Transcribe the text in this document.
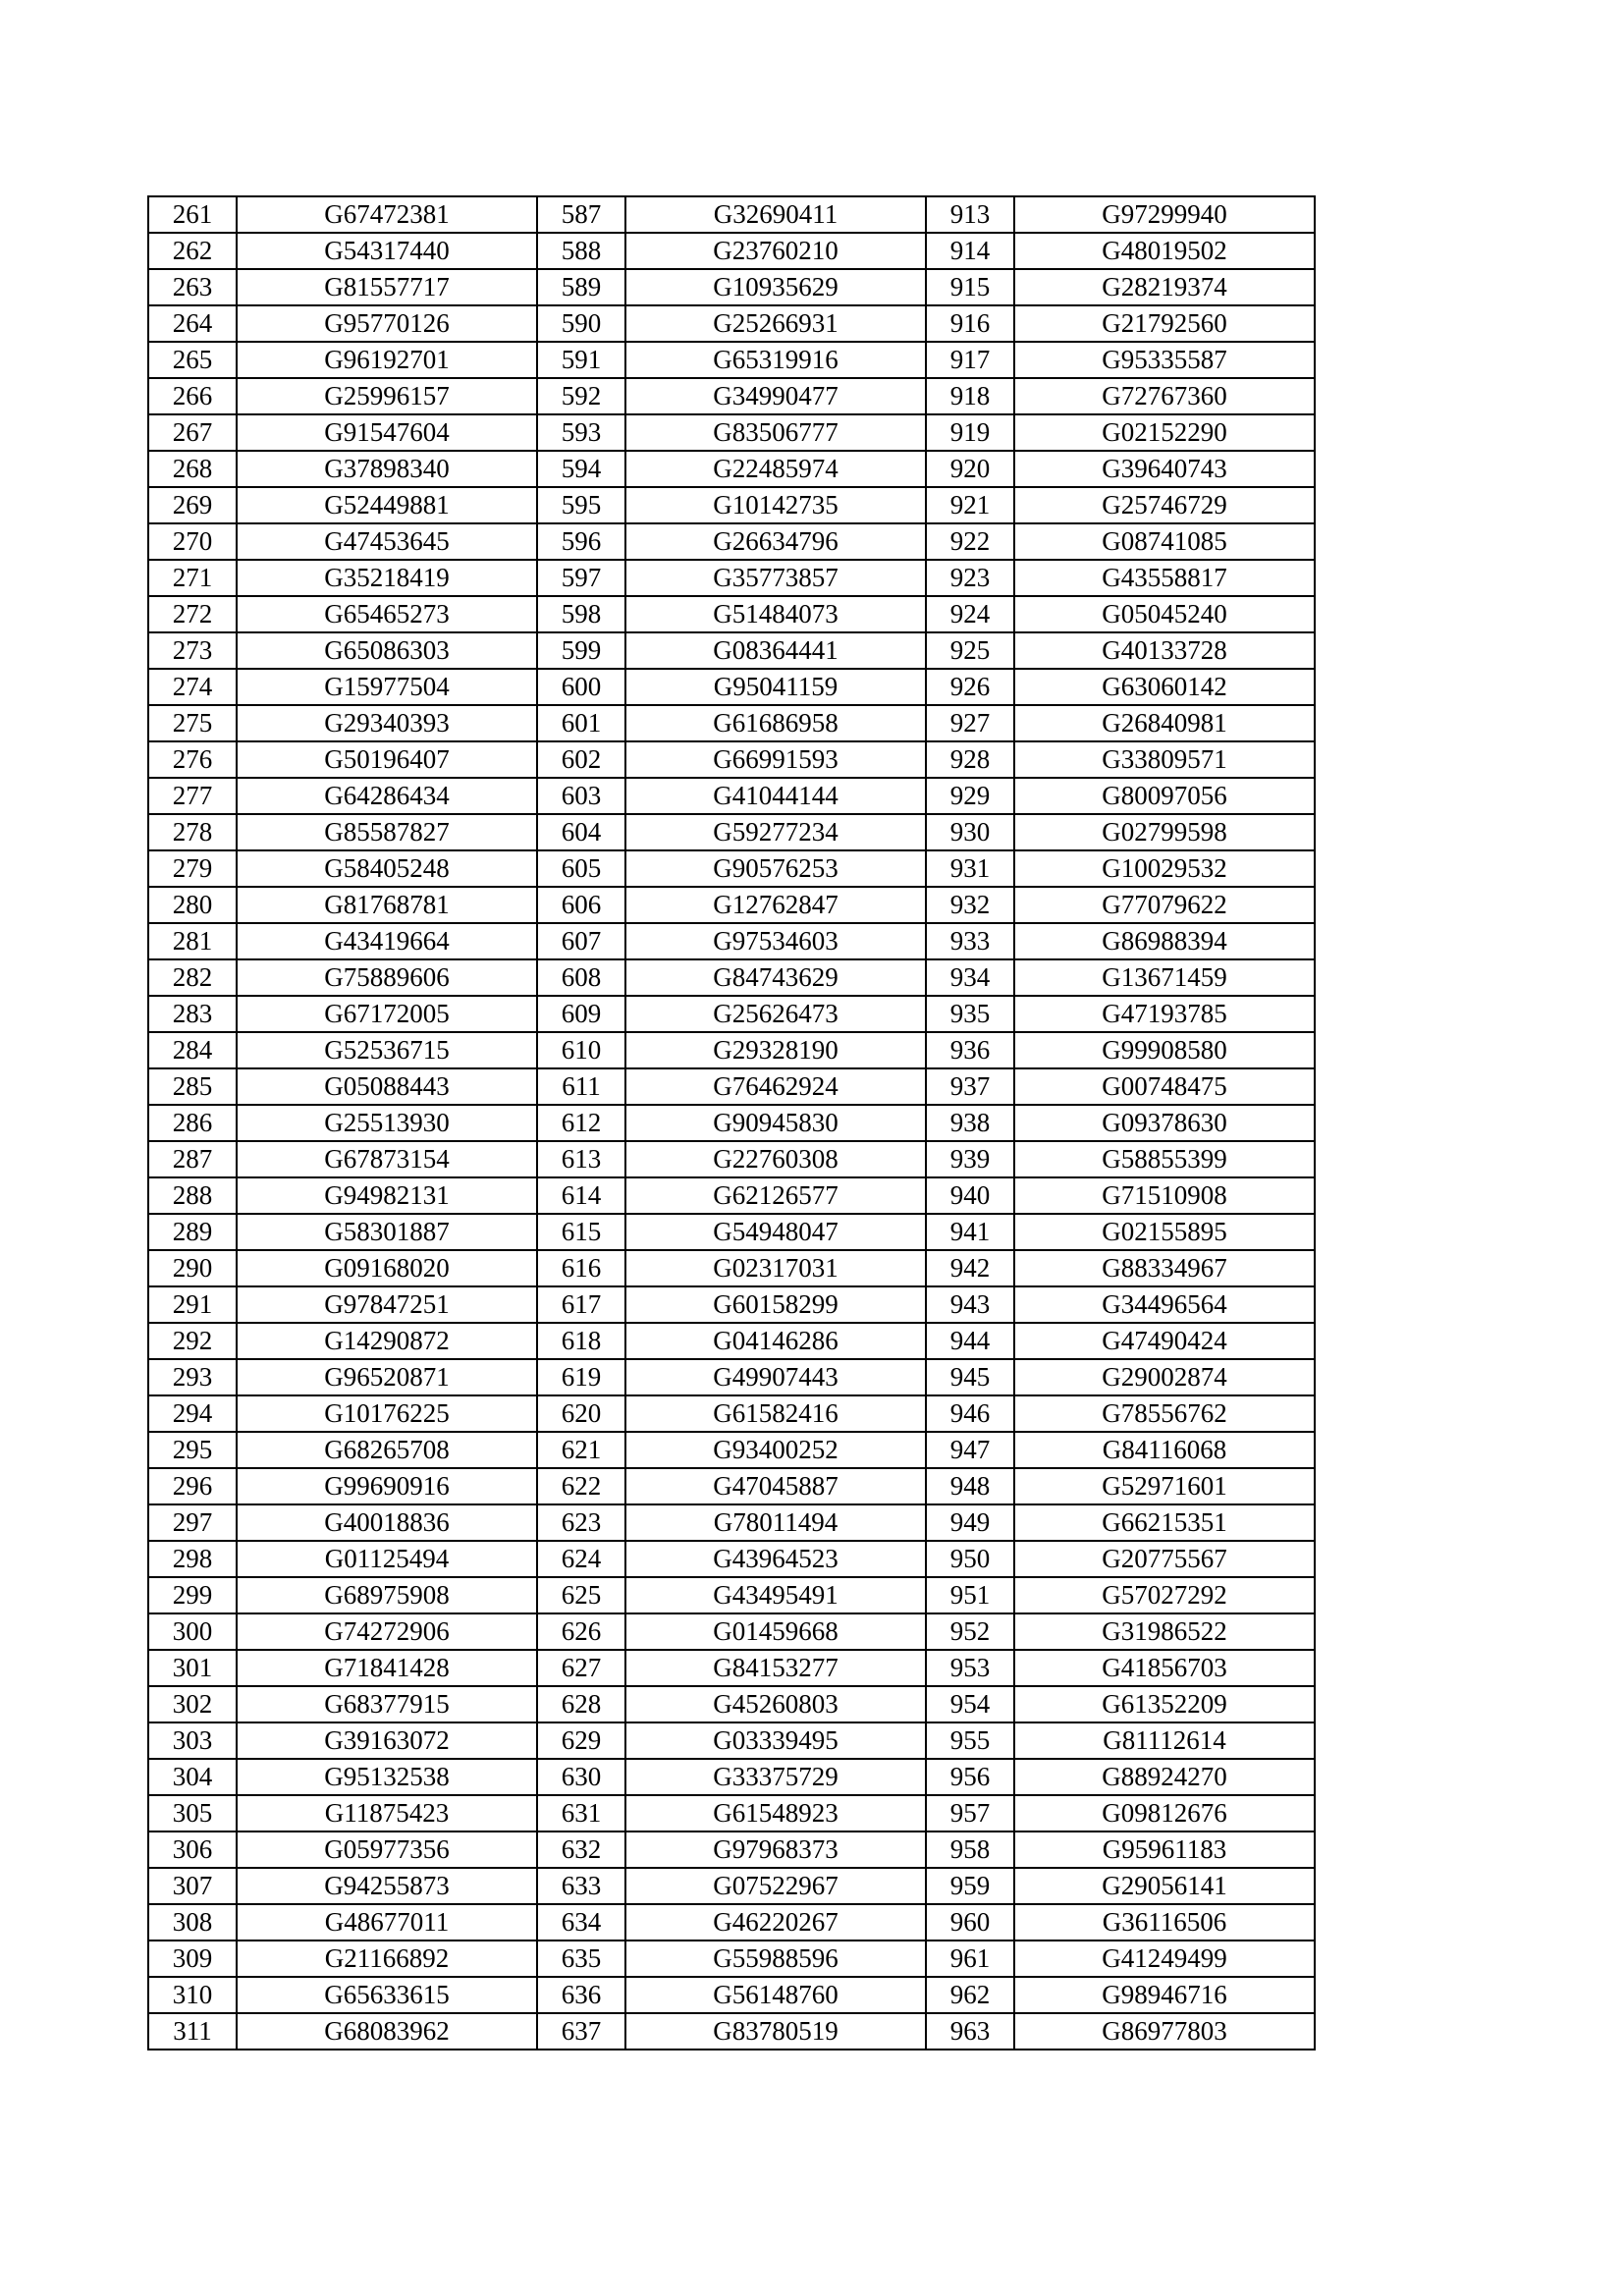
261	G67472381	587	G32690411	913	G97299940
262	G54317440	588	G23760210	914	G48019502
263	G81557717	589	G10935629	915	G28219374
264	G95770126	590	G25266931	916	G21792560
265	G96192701	591	G65319916	917	G95335587
266	G25996157	592	G34990477	918	G72767360
267	G91547604	593	G83506777	919	G02152290
268	G37898340	594	G22485974	920	G39640743
269	G52449881	595	G10142735	921	G25746729
270	G47453645	596	G26634796	922	G08741085
271	G35218419	597	G35773857	923	G43558817
272	G65465273	598	G51484073	924	G05045240
273	G65086303	599	G08364441	925	G40133728
274	G15977504	600	G95041159	926	G63060142
275	G29340393	601	G61686958	927	G26840981
276	G50196407	602	G66991593	928	G33809571
277	G64286434	603	G41044144	929	G80097056
278	G85587827	604	G59277234	930	G02799598
279	G58405248	605	G90576253	931	G10029532
280	G81768781	606	G12762847	932	G77079622
281	G43419664	607	G97534603	933	G86988394
282	G75889606	608	G84743629	934	G13671459
283	G67172005	609	G25626473	935	G47193785
284	G52536715	610	G29328190	936	G99908580
285	G05088443	611	G76462924	937	G00748475
286	G25513930	612	G90945830	938	G09378630
287	G67873154	613	G22760308	939	G58855399
288	G94982131	614	G62126577	940	G71510908
289	G58301887	615	G54948047	941	G02155895
290	G09168020	616	G02317031	942	G88334967
291	G97847251	617	G60158299	943	G34496564
292	G14290872	618	G04146286	944	G47490424
293	G96520871	619	G49907443	945	G29002874
294	G10176225	620	G61582416	946	G78556762
295	G68265708	621	G93400252	947	G84116068
296	G99690916	622	G47045887	948	G52971601
297	G40018836	623	G78011494	949	G66215351
298	G01125494	624	G43964523	950	G20775567
299	G68975908	625	G43495491	951	G57027292
300	G74272906	626	G01459668	952	G31986522
301	G71841428	627	G84153277	953	G41856703
302	G68377915	628	G45260803	954	G61352209
303	G39163072	629	G03339495	955	G81112614
304	G95132538	630	G33375729	956	G88924270
305	G11875423	631	G61548923	957	G09812676
306	G05977356	632	G97968373	958	G95961183
307	G94255873	633	G07522967	959	G29056141
308	G48677011	634	G46220267	960	G36116506
309	G21166892	635	G55988596	961	G41249499
310	G65633615	636	G56148760	962	G98946716
311	G68083962	637	G83780519	963	G86977803
